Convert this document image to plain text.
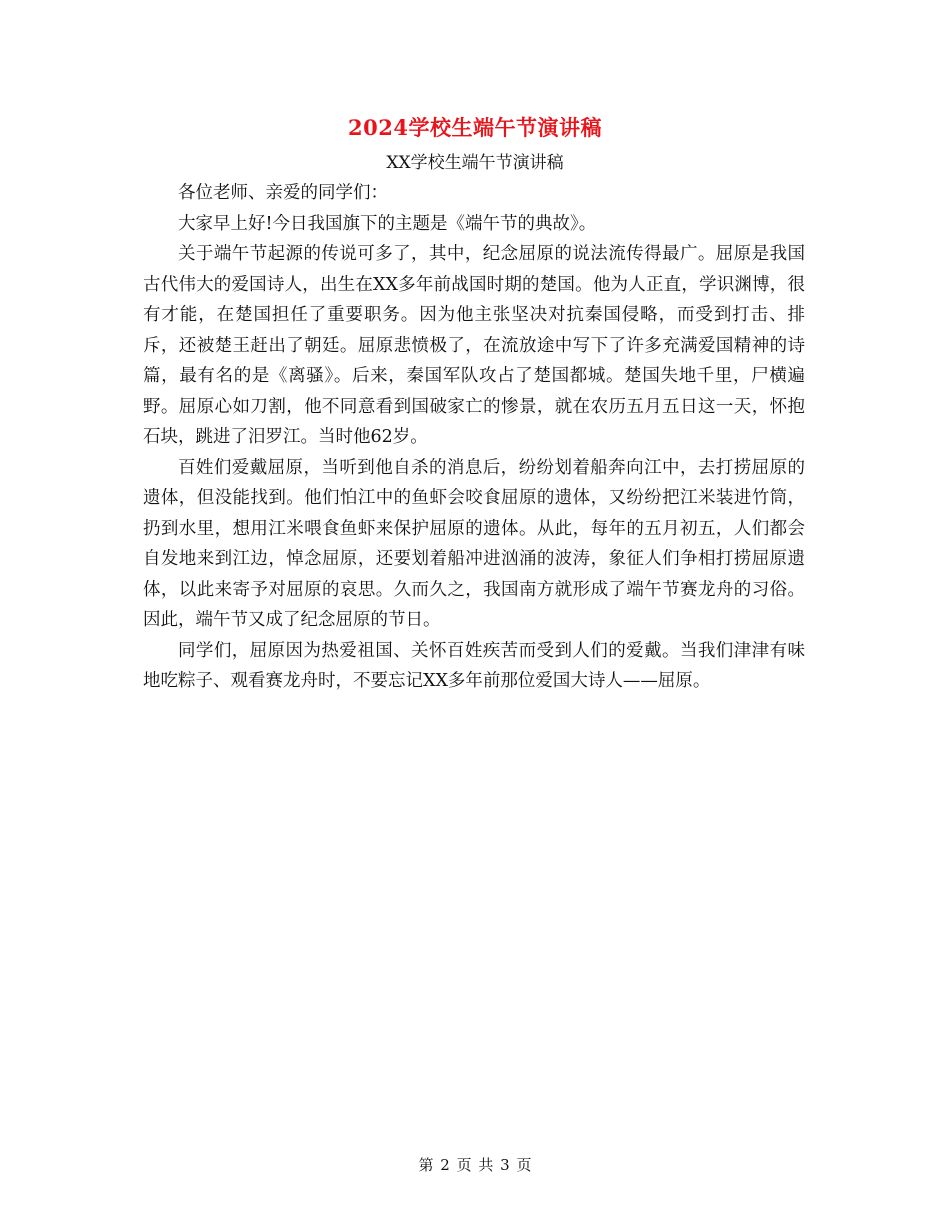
2024学校生端午节演讲稿
XX学校生端午节演讲稿

各位老师、亲爱的同学们：

大家早上好!今日我国旗下的主题是《端午节的典故》。

关于端午节起源的传说可多了，其中，纪念屈原的说法流传得最广。屈原是我国古代伟大的爱国诗人，出生在XX多年前战国时期的楚国。他为人正直，学识渊博，很有才能，在楚国担任了重要职务。因为他主张坚决对抗秦国侵略，而受到打击、排斥，还被楚王赶出了朝廷。屈原悲愤极了，在流放途中写下了许多充满爱国精神的诗篇，最有名的是《离骚》。后来，秦国军队攻占了楚国都城。楚国失地千里，尸横遍野。屈原心如刀割，他不同意看到国破家亡的惨景，就在农历五月五日这一天，怀抱石块，跳进了汨罗江。当时他62岁。

百姓们爱戴屈原，当听到他自杀的消息后，纷纷划着船奔向江中，去打捞屈原的遗体，但没能找到。他们怕江中的鱼虾会咬食屈原的遗体，又纷纷把江米装进竹筒，扔到水里，想用江米喂食鱼虾来保护屈原的遗体。从此，每年的五月初五，人们都会自发地来到江边，悼念屈原，还要划着船冲进汹涌的波涛，象征人们争相打捞屈原遗体，以此来寄予对屈原的哀思。久而久之，我国南方就形成了端午节赛龙舟的习俗。因此，端午节又成了纪念屈原的节日。

同学们，屈原因为热爱祖国、关怀百姓疾苦而受到人们的爱戴。当我们津津有味地吃粽子、观看赛龙舟时，不要忘记XX多年前那位爱国大诗人——屈原。

第 2 页 共 3 页
